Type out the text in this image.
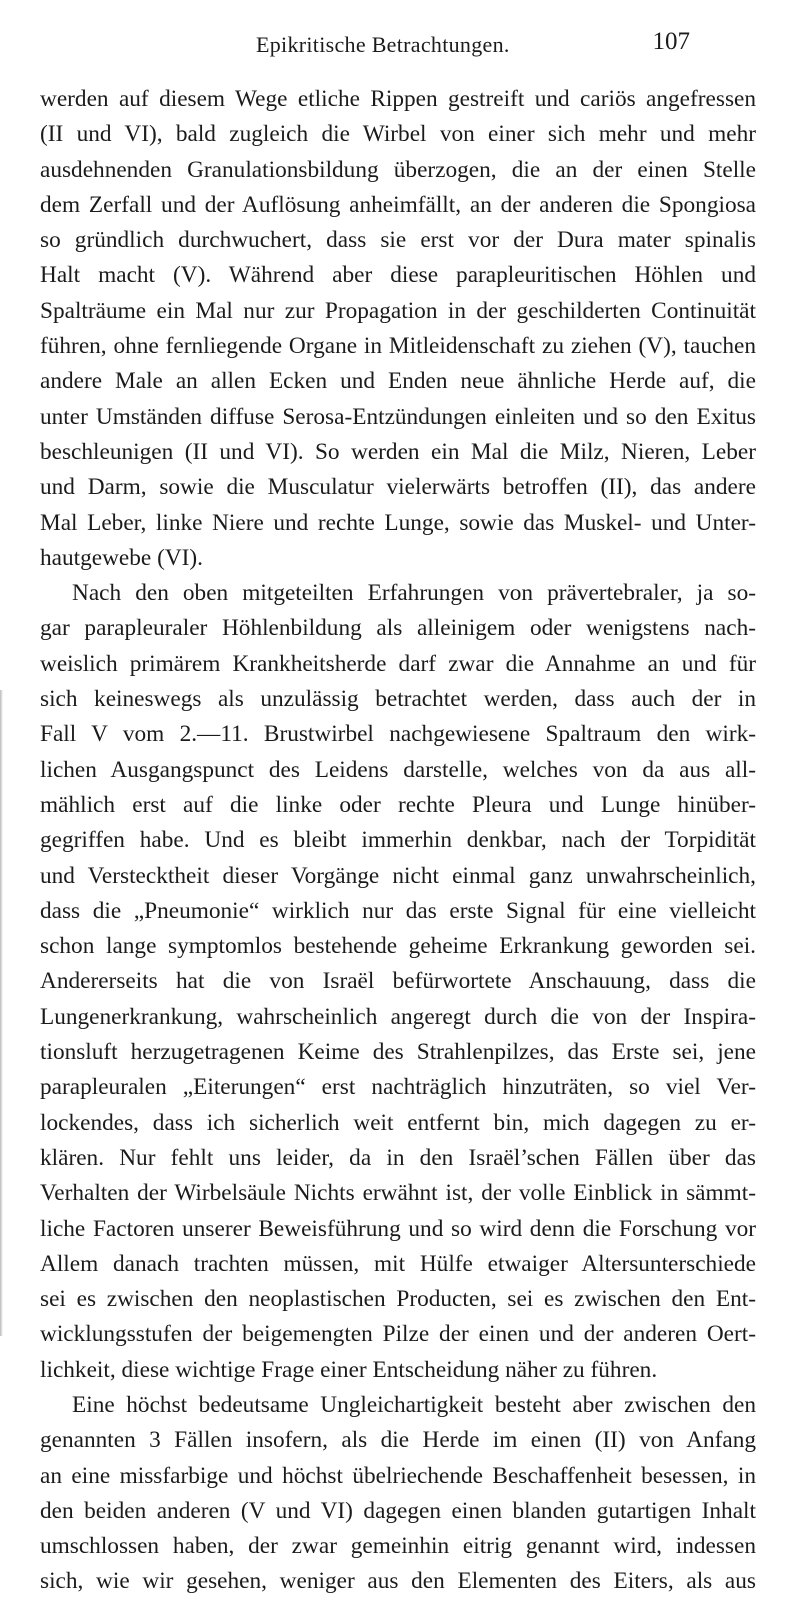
Epikritische Betrachtungen.	107
werden auf diesem Wege etliche Rippen gestreift und cariös angefressen
(II und VI), bald zugleich die Wirbel von einer sich mehr und mehr
ausdehnenden Granulationsbildung überzogen, die an der einen Stelle
dem Zerfall und der Auflösung anheimfällt, an der anderen die Spongiosa
so gründlich durchwuchert, dass sie erst vor der Dura mater spinalis
Halt macht (V). Während aber diese parapleuritischen Höhlen und
Spalträume ein Mal nur zur Propagation in der geschilderten Continuität
führen, ohne fernliegende Organe in Mitleidenschaft zu ziehen (V), tauchen
andere Male an allen Ecken und Enden neue ähnliche Herde auf, die
unter Umständen diffuse Serosa-Entzündungen einleiten und so den Exitus
beschleunigen (II und VI). So werden ein Mal die Milz, Nieren, Leber
und Darm, sowie die Musculatur vielerwärts betroffen (II), das andere
Mal Leber, linke Niere und rechte Lunge, sowie das Muskel- und Unter-
hautgewebe (VI).
Nach den oben mitgeteilten Erfahrungen von prävertebraler, ja so-
gar parapleuraler Höhlenbildung als alleinigem oder wenigstens nach-
weislich primärem Krankheitsherde darf zwar die Annahme an und für
sich keineswegs als unzulässig betrachtet werden, dass auch der in
Fall V vom 2.—11. Brustwirbel nachgewiesene Spaltraum den wirk-
lichen Ausgangspunct des Leidens darstelle, welches von da aus all-
mählich erst auf die linke oder rechte Pleura und Lunge hinüber-
gegriffen habe. Und es bleibt immerhin denkbar, nach der Torpidität
und Verstecktheit dieser Vorgänge nicht einmal ganz unwahrscheinlich,
dass die „Pneumonie“ wirklich nur das erste Signal für eine vielleicht
schon lange symptomlos bestehende geheime Erkrankung geworden sei.
Andererseits hat die von Israël befürwortete Anschauung, dass die
Lungenerkrankung, wahrscheinlich angeregt durch die von der Inspira-
tionsluft herzugetragenen Keime des Strahlenpilzes, das Erste sei, jene
parapleuralen „Eiterungen“ erst nachträglich hinzuträten, so viel Ver-
lockendes, dass ich sicherlich weit entfernt bin, mich dagegen zu er-
klären. Nur fehlt uns leider, da in den Israël’schen Fällen über das
Verhalten der Wirbelsäule Nichts erwähnt ist, der volle Einblick in sämmt-
liche Factoren unserer Beweisführung und so wird denn die Forschung vor
Allem danach trachten müssen, mit Hülfe etwaiger Altersunterschiede
sei es zwischen den neoplastischen Producten, sei es zwischen den Ent-
wicklungsstufen der beigemengten Pilze der einen und der anderen Oert-
lichkeit, diese wichtige Frage einer Entscheidung näher zu führen.
Eine höchst bedeutsame Ungleichartigkeit besteht aber zwischen den
genannten 3 Fällen insofern, als die Herde im einen (II) von Anfang
an eine missfarbige und höchst übelriechende Beschaffenheit besessen, in
den beiden anderen (V und VI) dagegen einen blanden gutartigen Inhalt
umschlossen haben, der zwar gemeinhin eitrig genannt wird, indessen
sich, wie wir gesehen, weniger aus den Elementen des Eiters, als aus
